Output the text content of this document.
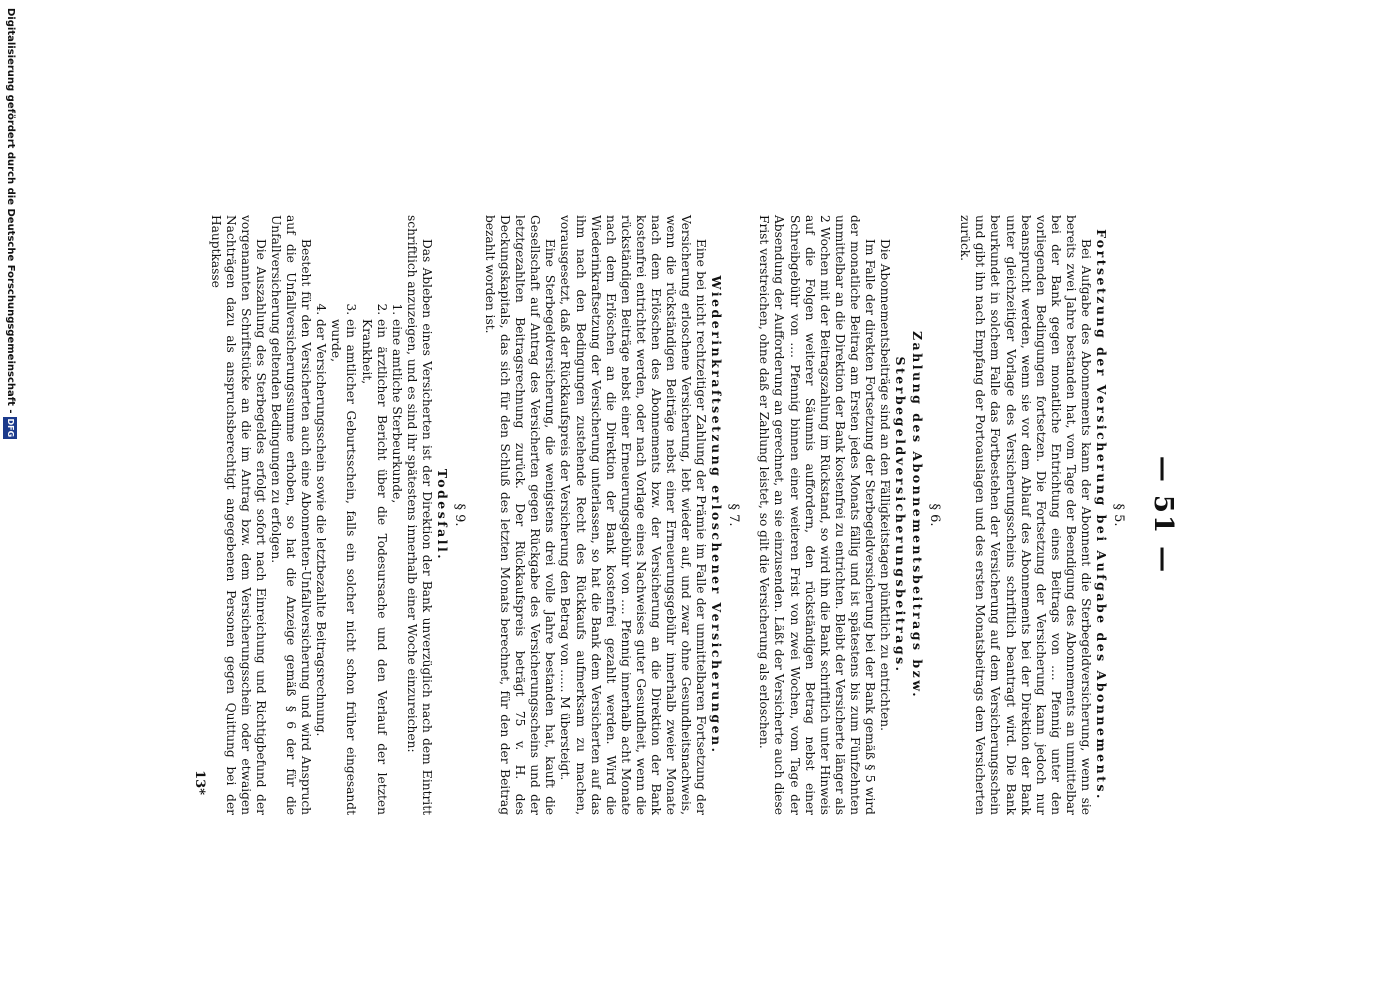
— 51 —
§ 5.
Fortsetzung der Versicherung bei Aufgabe des Abonnements.

Bei Aufgabe des Abonnements kann der Abonnent die Sterbegeldversicherung, wenn sie bereits zwei Jahre bestanden hat, vom Tage der Beendigung des Abonnements an unmittelbar bei der Bank gegen monatliche Entrichtung eines Beitrags von .... Pfennig unter den vorliegenden Bedingungen fortsetzen. Die Fortsetzung der Versicherung kann jedoch nur beansprucht werden, wenn sie vor dem Ablauf des Abonnements bei der Direktion der Bank unter gleichzeitiger Vorlage des Versicherungsscheins schriftlich beantragt wird. Die Bank beurkundet in solchem Falle das Fortbestehen der Versicherung auf dem Versicherungsschein und gibt ihn nach Empfang der Portoauslagen und des ersten Monatsbeitrags dem Versicherten zurück.

§ 6.
Zahlung des Abonnementsbeitrags bzw. Sterbegeldversicherungsbeitrags.

Die Abonnementsbeiträge sind an den Fälligkeitstagen pünktlich zu entrichten.

Im Falle der direkten Fortsetzung der Sterbegeldversicherung bei der Bank gemäß § 5 wird der monatliche Beitrag am Ersten jedes Monats fällig und ist spätestens bis zum Fünfzehnten unmittelbar an die Direktion der Bank kostenfrei zu entrichten. Bleibt der Versicherte länger als 2 Wochen mit der Beitragszahlung im Rückstand, so wird ihn die Bank schriftlich unter Hinweis auf die Folgen weiterer Säumnis auffordern, den rückständigen Betrag nebst einer Schreibgebühr von .... Pfennig binnen einer weiteren Frist von zwei Wochen, vom Tage der Absendung der Aufforderung an gerechnet, an sie einzusenden. Läßt der Versicherte auch diese Frist verstreichen, ohne daß er Zahlung leistet, so gilt die Versicherung als erloschen.

§ 7.
Wiederinkraftsetzung erloschener Versicherungen.

Eine bei nicht rechtzeitiger Zahlung der Prämie im Falle der unmittelbaren Fortsetzung der Versicherung erloschene Versicherung, lebt wieder auf, und zwar ohne Gesundheitsnachweis, wenn die rückständigen Beiträge nebst einer Erneuerungsgebühr innerhalb zweier Monate nach dem Erlöschen des Abonnements bzw. der Versicherung an die Direktion der Bank kostenfrei entrichtet werden, oder nach Vorlage eines Nachweises guter Gesundheit, wenn die rückständigen Beiträge nebst einer Erneuerungsgebühr von .... Pfennig innerhalb acht Monate nach dem Erlöschen an die Direktion der Bank kostenfrei gezahlt werden. Wird die Wiederinkraftsetzung der Versicherung unterlassen, so hat die Bank dem Versicherten auf das ihm nach den Bedingungen zustehende Recht des Rückkaufs aufmerksam zu machen, vorausgesetzt, daß der Rückkaufspreis der Versicherung den Betrag von ...... M übersteigt.

Eine Sterbegeldversicherung, die wenigstens drei volle Jahre bestanden hat, kauft die Gesellschaft auf Antrag des Versicherten gegen Rückgabe des Versicherungsscheins und der letztgezahlten Beitragsrechnung zurück. Der Rückkaufspreis beträgt 75 v. H. des Deckungskapitals, das sich für den Schluß des letzten Monats berechnet, für den der Beitrag bezahlt worden ist.

§ 9.
Todesfall.

Das Ableben eines Versicherten ist der Direktion der Bank unverzüglich nach dem Eintritt schriftlich anzuzeigen, und es sind ihr spätestens innerhalb einer Woche einzureichen:

1. eine amtliche Sterbeurkunde,
2. ein ärztlicher Bericht über die Todesursache und den Verlauf der letzten Krankheit,
3. ein amtlicher Geburtsschein, falls ein solcher nicht schon früher eingesandt wurde,
4. der Versicherungsschein sowie die letztbezahlte Beitragsrechnung.

Besteht für den Versicherten auch eine Abonnenten-Unfallversicherung und wird Anspruch auf die Unfallversicherungssumme erhoben, so hat die Anzeige gemäß § 6 der für die Unfallversicherung geltenden Bedingungen zu erfolgen.

Die Auszahlung des Sterbegeldes erfolgt sofort nach Einreichung und Richtigbefund der vorgenannten Schriftstücke an die im Antrag bzw. dem Versicherungsschein oder etwaigen Nachträgen dazu als anspruchsberechtigt angegebenen Personen gegen Quittung bei der Hauptkasse

13*
Digitalisierung gefördert durch die Deutsche Forschungsgemeinschaft -DFG
